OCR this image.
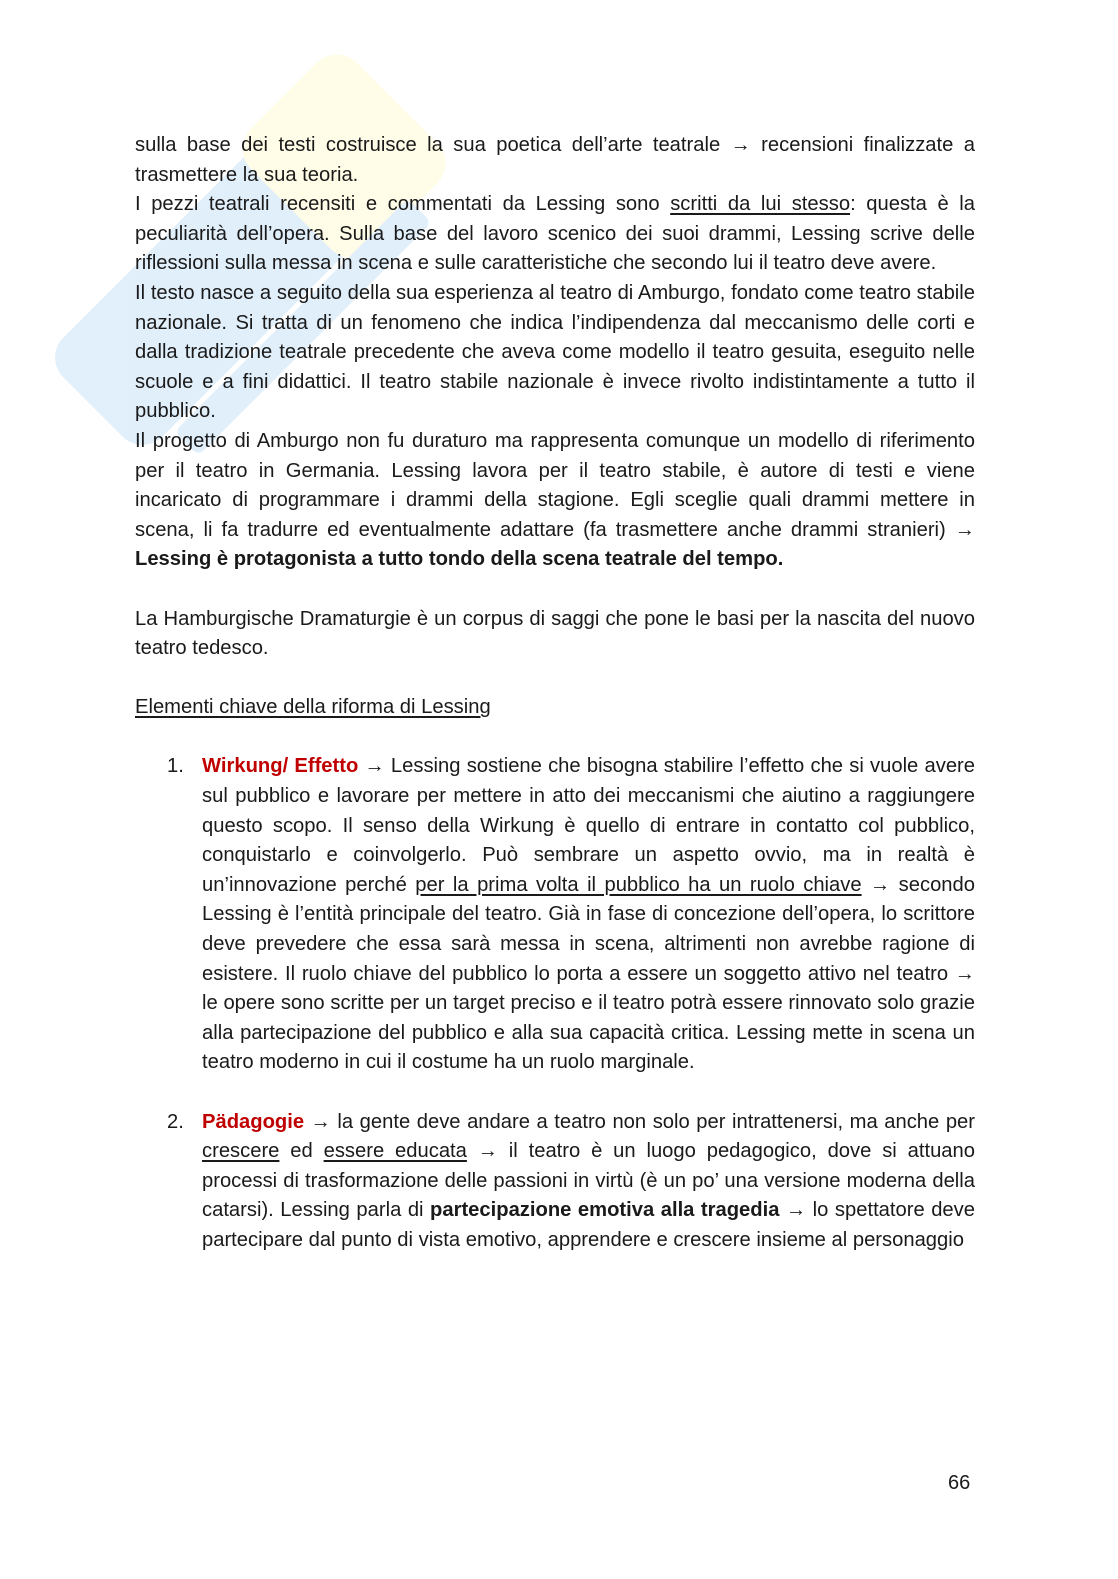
sulla base dei testi costruisce la sua poetica dell’arte teatrale → recensioni finalizzate a trasmettere la sua teoria.

I pezzi teatrali recensiti e commentati da Lessing sono scritti da lui stesso: questa è la peculiarità dell’opera. Sulla base del lavoro scenico dei suoi drammi, Lessing scrive delle riflessioni sulla messa in scena e sulle caratteristiche che secondo lui il teatro deve avere.

Il testo nasce a seguito della sua esperienza al teatro di Amburgo, fondato come teatro stabile nazionale. Si tratta di un fenomeno che indica l’indipendenza dal meccanismo delle corti e dalla tradizione teatrale precedente che aveva come modello il teatro gesuita, eseguito nelle scuole e a fini didattici. Il teatro stabile nazionale è invece rivolto indistintamente a tutto il pubblico.

Il progetto di Amburgo non fu duraturo ma rappresenta comunque un modello di riferimento per il teatro in Germania. Lessing lavora per il teatro stabile, è autore di testi e viene incaricato di programmare i drammi della stagione. Egli sceglie quali drammi mettere in scena, li fa tradurre ed eventualmente adattare (fa trasmettere anche drammi stranieri) → Lessing è protagonista a tutto tondo della scena teatrale del tempo.

La Hamburgische Dramaturgie è un corpus di saggi che pone le basi per la nascita del nuovo teatro tedesco.

Elementi chiave della riforma di Lessing

1. Wirkung/ Effetto → Lessing sostiene che bisogna stabilire l’effetto che si vuole avere sul pubblico e lavorare per mettere in atto dei meccanismi che aiutino a raggiungere questo scopo. Il senso della Wirkung è quello di entrare in contatto col pubblico, conquistarlo e coinvolgerlo. Può sembrare un aspetto ovvio, ma in realtà è un’innovazione perché per la prima volta il pubblico ha un ruolo chiave → secondo Lessing è l’entità principale del teatro. Già in fase di concezione dell’opera, lo scrittore deve prevedere che essa sarà messa in scena, altrimenti non avrebbe ragione di esistere. Il ruolo chiave del pubblico lo porta a essere un soggetto attivo nel teatro → le opere sono scritte per un target preciso e il teatro potrà essere rinnovato solo grazie alla partecipazione del pubblico e alla sua capacità critica. Lessing mette in scena un teatro moderno in cui il costume ha un ruolo marginale.
2. Pädagogie → la gente deve andare a teatro non solo per intrattenersi, ma anche per crescere ed essere educata → il teatro è un luogo pedagogico, dove si attuano processi di trasformazione delle passioni in virtù (è un po’ una versione moderna della catarsi). Lessing parla di partecipazione emotiva alla tragedia → lo spettatore deve partecipare dal punto di vista emotivo, apprendere e crescere insieme al personaggio
66
